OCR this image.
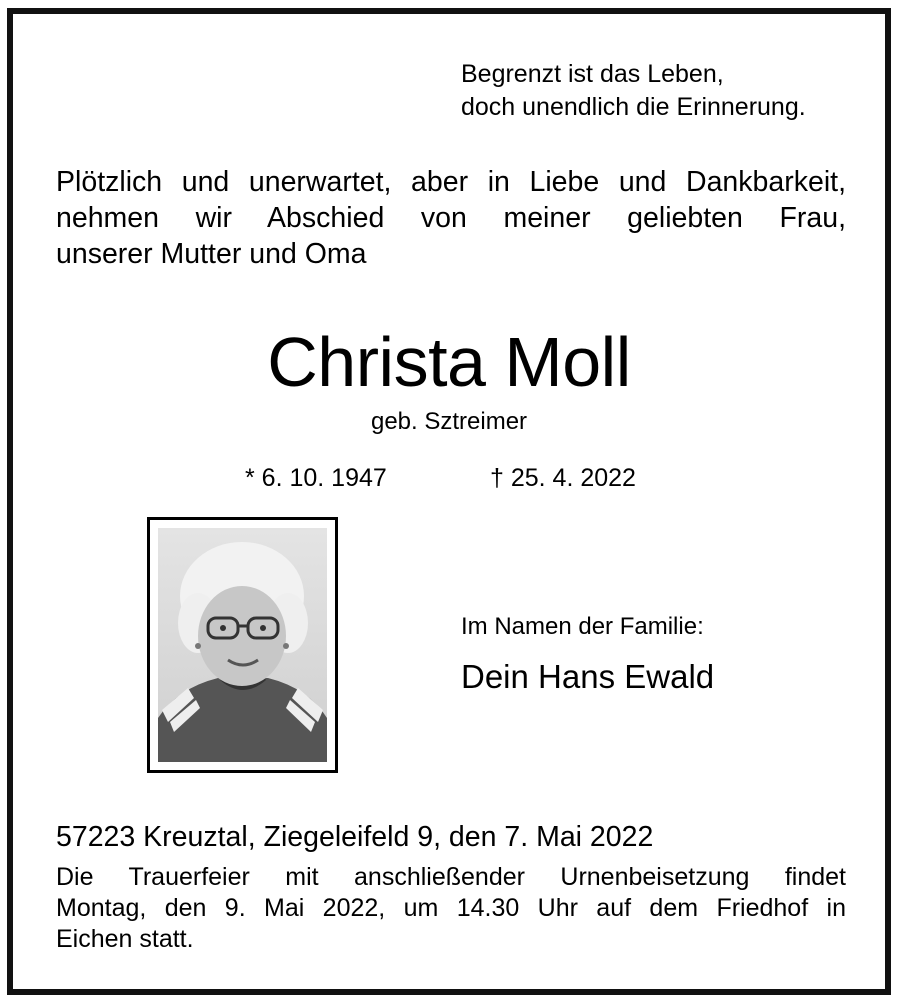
Begrenzt ist das Leben,
doch unendlich die Erinnerung.
Plötzlich und unerwartet, aber in Liebe und Dankbarkeit,
nehmen wir Abschied von meiner geliebten Frau,
unserer Mutter und Oma
Christa Moll
geb. Sztreimer
* 6. 10. 1947	† 25. 4. 2022
Im Namen der Familie:
Dein Hans Ewald
57223 Kreuztal, Ziegeleifeld 9, den 7. Mai 2022
Die Trauerfeier mit anschließender Urnenbeisetzung findet
Montag, den 9. Mai 2022, um 14.30 Uhr auf dem Friedhof in
Eichen statt.
